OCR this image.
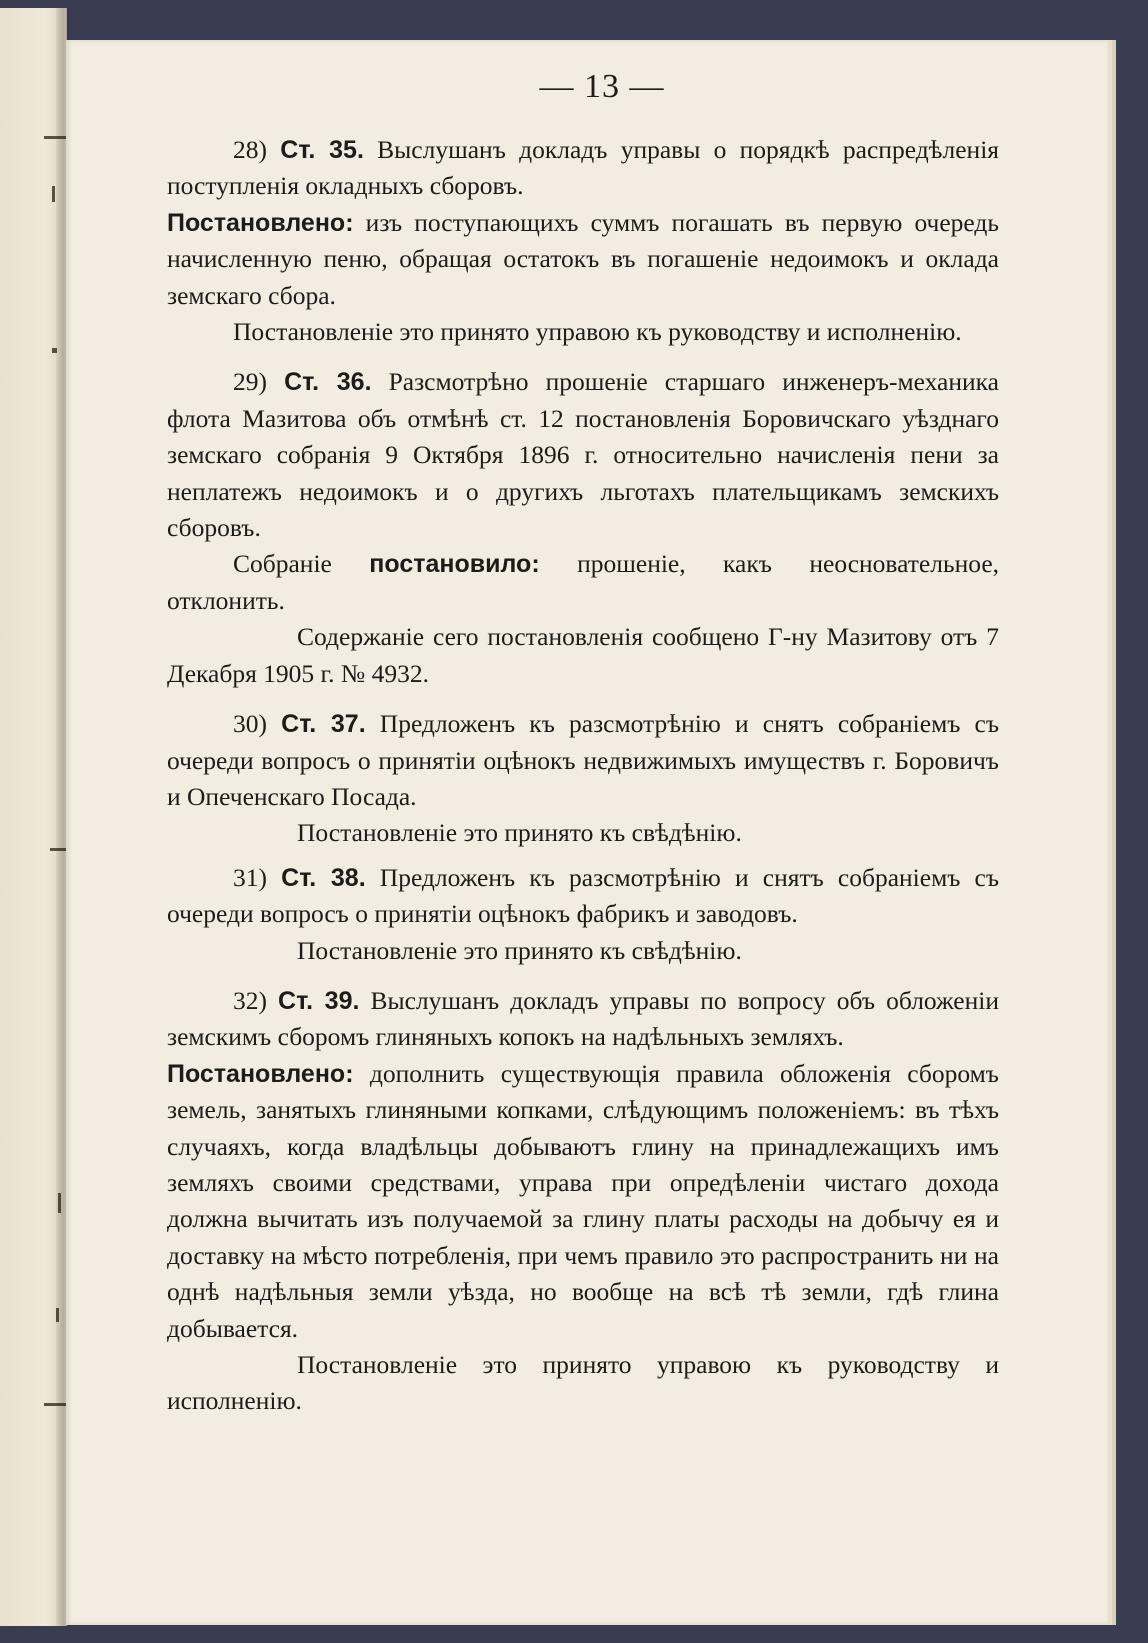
— 13 —

28) Ст. 35. Выслушанъ докладъ управы о порядкѣ распредѣленія поступленія окладныхъ сборовъ.

Постановлено: изъ поступающихъ суммъ погашать въ первую очередь начисленную пеню, обращая остатокъ въ погашеніе недоимокъ и оклада земскаго сбора.

Постановленіе это принято управою къ руководству и исполненію.

29) Ст. 36. Разсмотрѣно прошеніе старшаго инженеръ-механика флота Мазитова объ отмѣнѣ ст. 12 постановленія Боровичскаго уѣзднаго земскаго собранія 9 Октября 1896 г. относительно начисленія пени за неплатежъ недоимокъ и о другихъ льготахъ плательщикамъ земскихъ сборовъ.

Собраніе постановило: прошеніе, какъ неосновательное, отклонить.

Содержаніе сего постановленія сообщено Г-ну Мазитову отъ 7 Декабря 1905 г. № 4932.

30) Ст. 37. Предложенъ къ разсмотрѣнію и снятъ собраніемъ съ очереди вопросъ о принятіи оцѣнокъ недвижимыхъ имуществъ г. Боровичъ и Опеченскаго Посада.

Постановленіе это принято къ свѣдѣнію.

31) Ст. 38. Предложенъ къ разсмотрѣнію и снятъ собраніемъ съ очереди вопросъ о принятіи оцѣнокъ фабрикъ и заводовъ.

Постановленіе это принято къ свѣдѣнію.

32) Ст. 39. Выслушанъ докладъ управы по вопросу объ обложеніи земскимъ сборомъ глиняныхъ копокъ на надѣльныхъ земляхъ.

Постановлено: дополнить существующія правила обложенія сборомъ земель, занятыхъ глиняными копками, слѣдующимъ положеніемъ: въ тѣхъ случаяхъ, когда владѣльцы добываютъ глину на принадлежащихъ имъ земляхъ своими средствами, управа при опредѣленіи чистаго дохода должна вычитать изъ получаемой за глину платы расходы на добычу ея и доставку на мѣсто потребленія, при чемъ правило это распространить ни на однѣ надѣльныя земли уѣзда, но вообще на всѣ тѣ земли, гдѣ глина добывается.

Постановленіе это принято управою къ руководству и исполненію.
